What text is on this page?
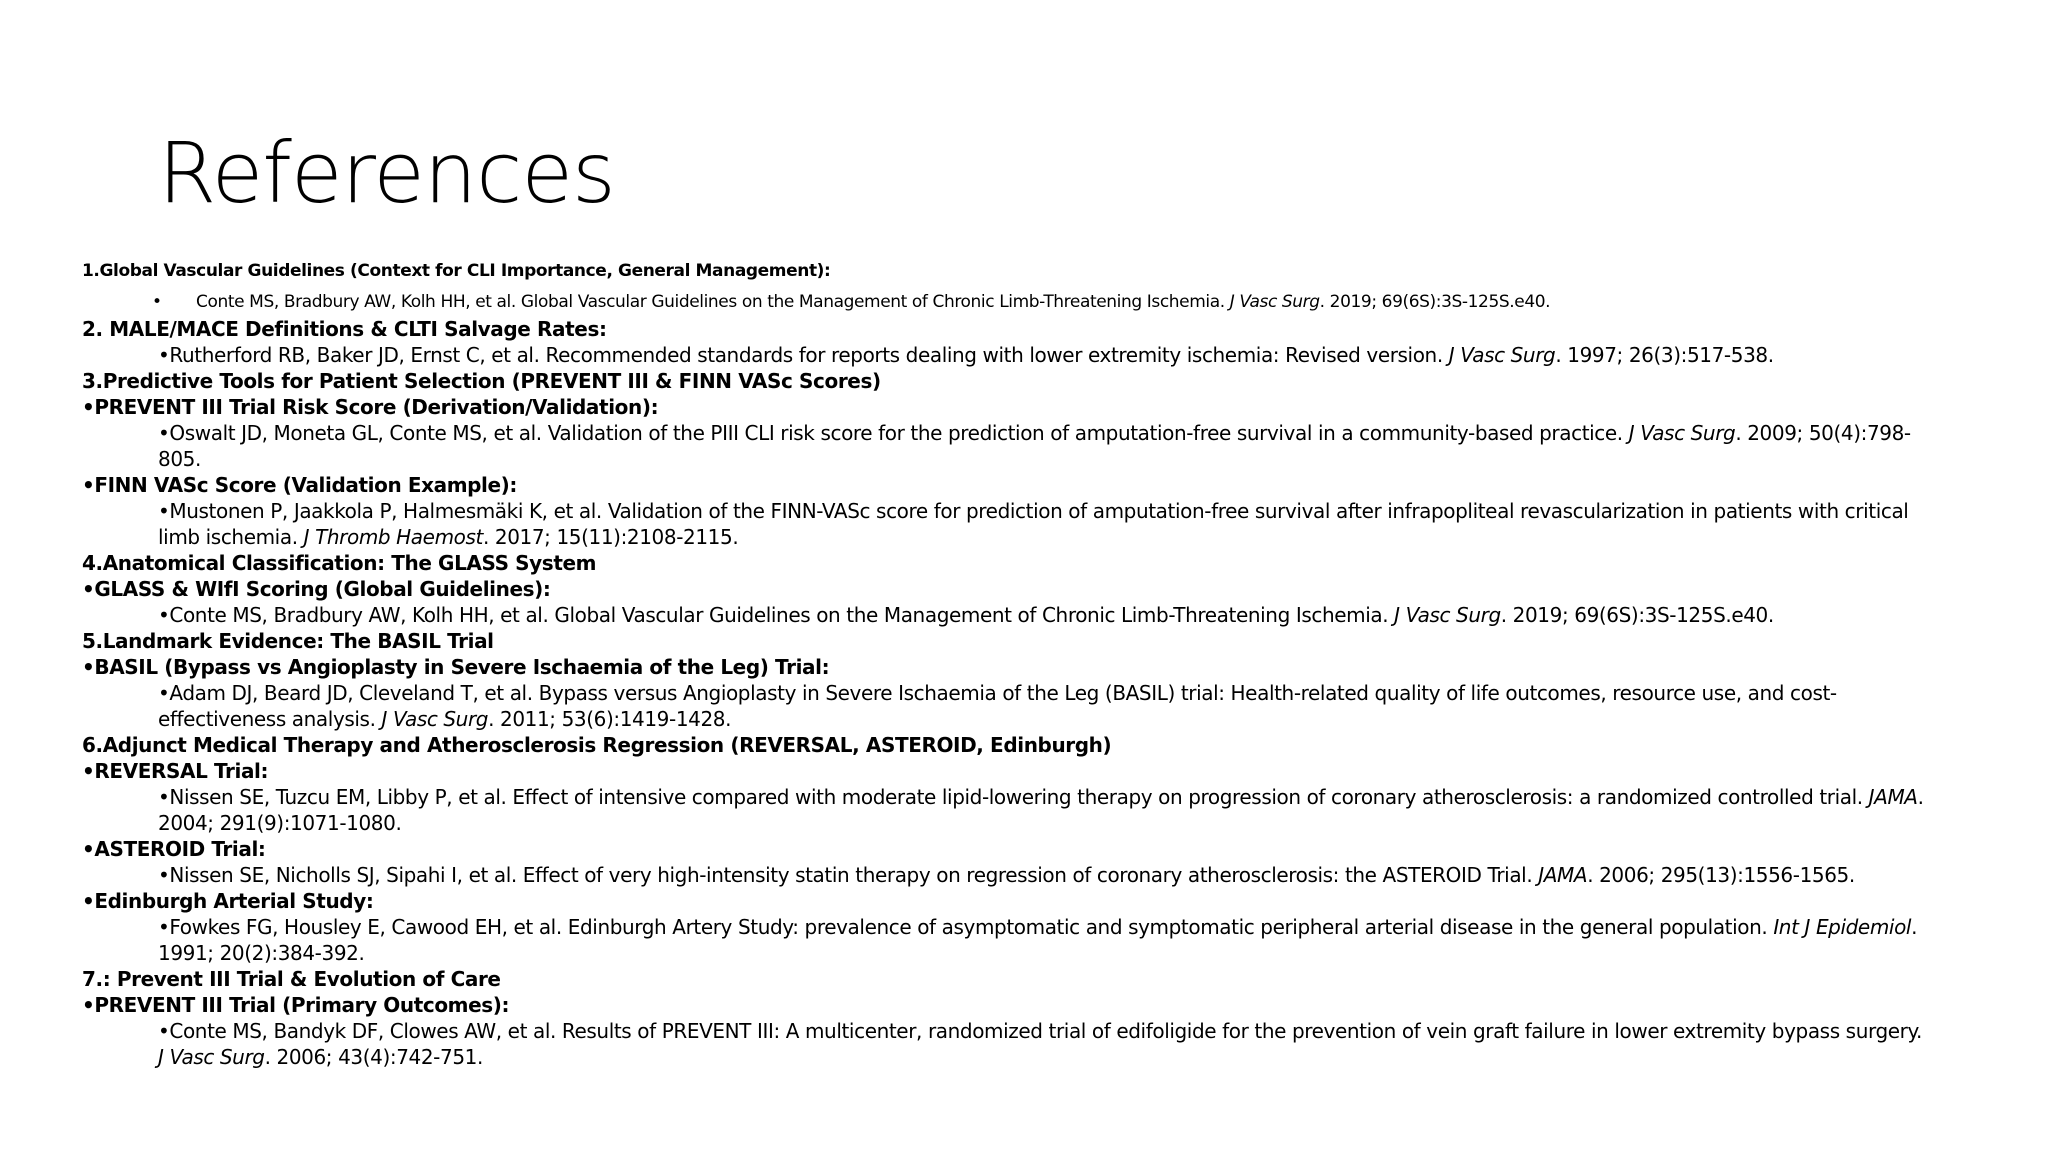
References
1.Global Vascular Guidelines (Context for CLI Importance, General Management):
• Conte MS, Bradbury AW, Kolh HH, et al. Global Vascular Guidelines on the Management of Chronic Limb-Threatening Ischemia. J Vasc Surg. 2019; 69(6S):3S-125S.e40.
2. MALE/MACE Definitions & CLTI Salvage Rates:
•Rutherford RB, Baker JD, Ernst C, et al. Recommended standards for reports dealing with lower extremity ischemia: Revised version. J Vasc Surg. 1997; 26(3):517-538.
3.Predictive Tools for Patient Selection (PREVENT III & FINN VASc Scores)
•PREVENT III Trial Risk Score (Derivation/Validation):
•Oswalt JD, Moneta GL, Conte MS, et al. Validation of the PIII CLI risk score for the prediction of amputation-free survival in a community-based practice. J Vasc Surg. 2009; 50(4):798-805.
•FINN VASc Score (Validation Example):
•Mustonen P, Jaakkola P, Halmesmäki K, et al. Validation of the FINN-VASc score for prediction of amputation-free survival after infrapopliteal revascularization in patients with critical limb ischemia. J Thromb Haemost. 2017; 15(11):2108-2115.
4.Anatomical Classification: The GLASS System
•GLASS & WIfI Scoring (Global Guidelines):
•Conte MS, Bradbury AW, Kolh HH, et al. Global Vascular Guidelines on the Management of Chronic Limb-Threatening Ischemia. J Vasc Surg. 2019; 69(6S):3S-125S.e40.
5.Landmark Evidence: The BASIL Trial
•BASIL (Bypass vs Angioplasty in Severe Ischaemia of the Leg) Trial:
•Adam DJ, Beard JD, Cleveland T, et al. Bypass versus Angioplasty in Severe Ischaemia of the Leg (BASIL) trial: Health-related quality of life outcomes, resource use, and cost-effectiveness analysis. J Vasc Surg. 2011; 53(6):1419-1428.
6.Adjunct Medical Therapy and Atherosclerosis Regression (REVERSAL, ASTEROID, Edinburgh)
•REVERSAL Trial:
•Nissen SE, Tuzcu EM, Libby P, et al. Effect of intensive compared with moderate lipid-lowering therapy on progression of coronary atherosclerosis: a randomized controlled trial. JAMA. 2004; 291(9):1071-1080.
•ASTEROID Trial:
•Nissen SE, Nicholls SJ, Sipahi I, et al. Effect of very high-intensity statin therapy on regression of coronary atherosclerosis: the ASTEROID Trial. JAMA. 2006; 295(13):1556-1565.
•Edinburgh Arterial Study:
•Fowkes FG, Housley E, Cawood EH, et al. Edinburgh Artery Study: prevalence of asymptomatic and symptomatic peripheral arterial disease in the general population. Int J Epidemiol. 1991; 20(2):384-392.
7.: Prevent III Trial & Evolution of Care
•PREVENT III Trial (Primary Outcomes):
•Conte MS, Bandyk DF, Clowes AW, et al. Results of PREVENT III: A multicenter, randomized trial of edifoligide for the prevention of vein graft failure in lower extremity bypass surgery. J Vasc Surg. 2006; 43(4):742-751.
